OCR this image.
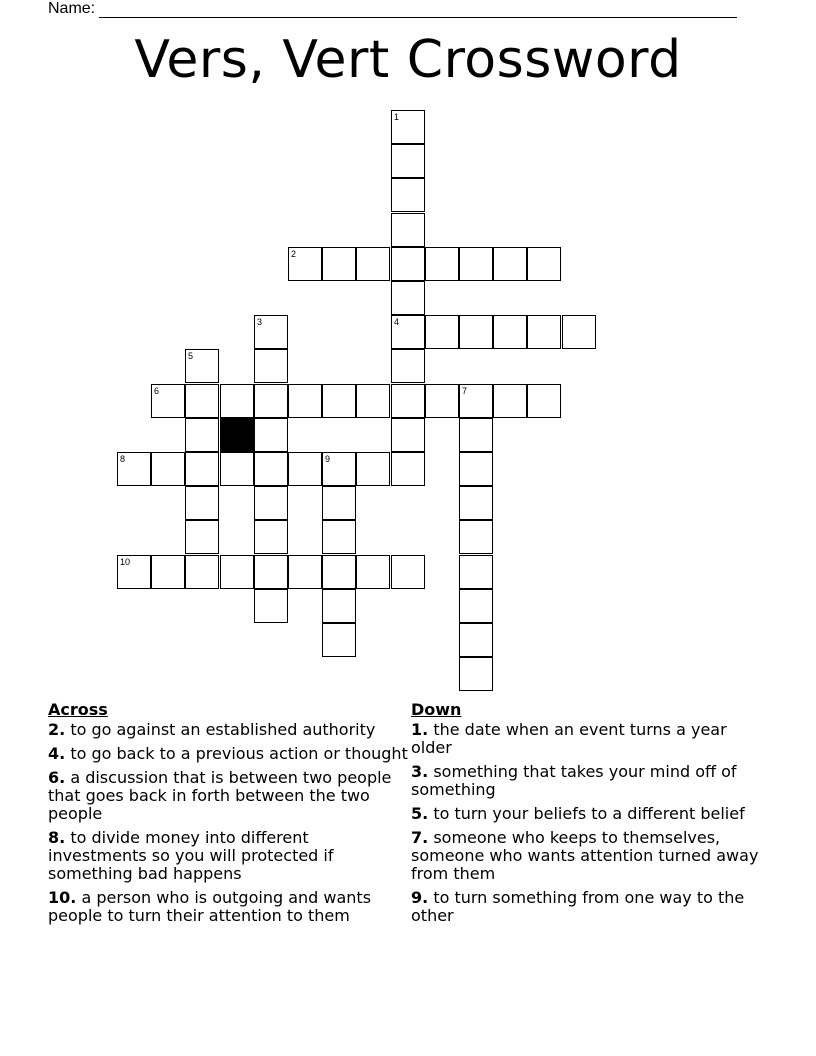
Name:
Vers, Vert Crossword
1
2
3	4
5
6	7
8	9
10
Across
2. to go against an established authority
4. to go back to a previous action or thought
6. a discussion that is between two people that goes back in forth between the two people
8. to divide money into different investments so you will protected if something bad happens
10. a person who is outgoing and wants people to turn their attention to them
Down
1. the date when an event turns a year older
3. something that takes your mind off of something
5. to turn your beliefs to a different belief
7. someone who keeps to themselves, someone who wants attention turned away from them
9. to turn something from one way to the other
